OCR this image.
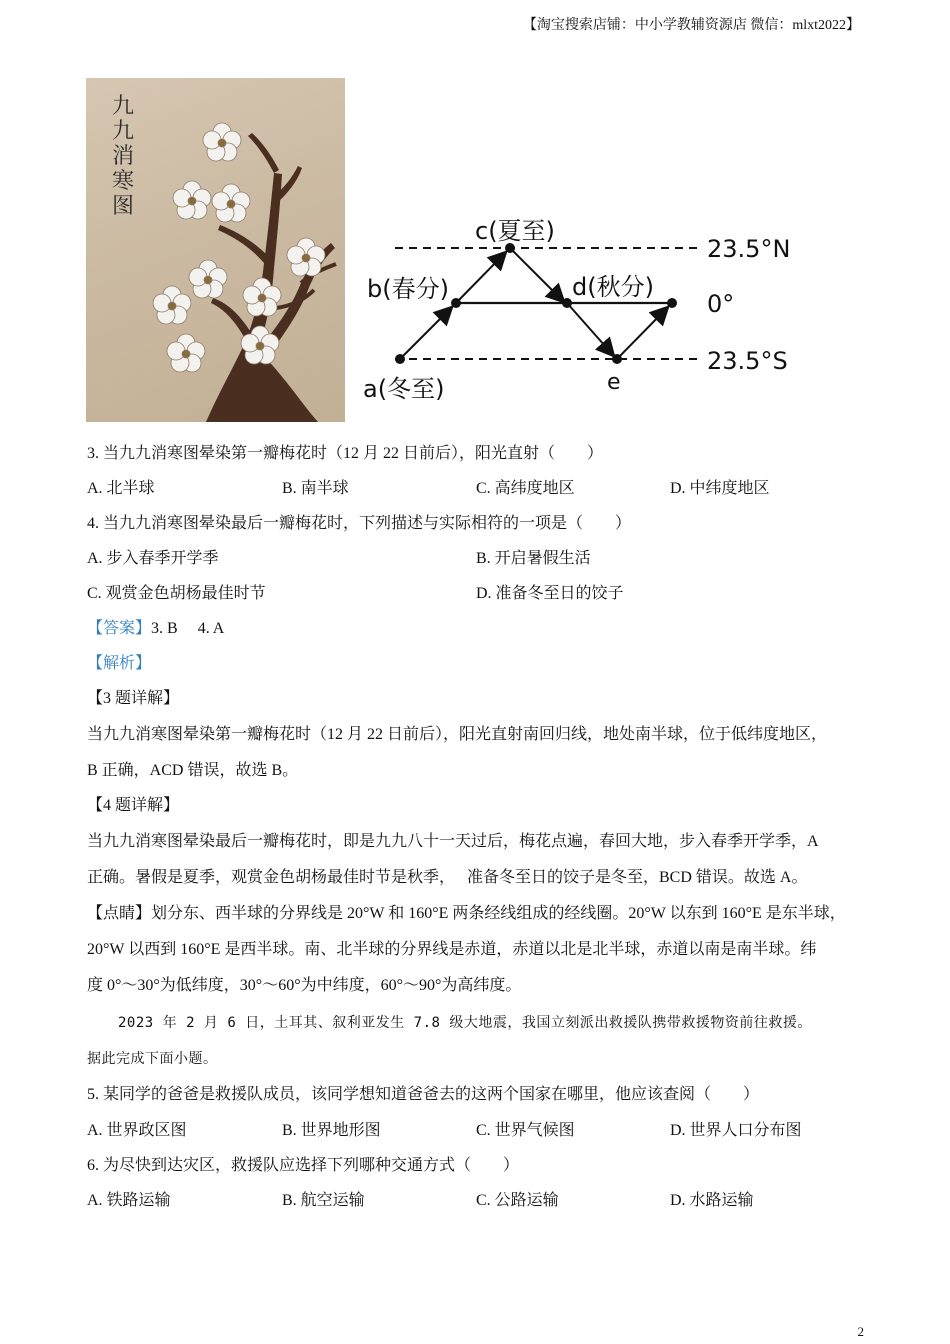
【淘宝搜索店铺：中小学教辅资源店 微信：mlxt2022】
九九消寒图
c(夏至)
b(春分)	d(秋分)
a(冬至)	e
23.5°N
0°
23.5°S
3. 当九九消寒图晕染第一瓣梅花时（12 月 22 日前后），阳光直射（　　）
A. 北半球	B. 南半球	C. 高纬度地区	D. 中纬度地区
4. 当九九消寒图晕染最后一瓣梅花时，下列描述与实际相符的一项是（　　）
A. 步入春季开学季	B. 开启暑假生活
C. 观赏金色胡杨最佳时节	D. 准备冬至日的饺子
【答案】3. B　 4. A
【解析】
【3 题详解】
当九九消寒图晕染第一瓣梅花时（12 月 22 日前后），阳光直射南回归线，地处南半球，位于低纬度地区，
B 正确，ACD 错误，故选 B。
【4 题详解】
当九九消寒图晕染最后一瓣梅花时，即是九九八十一天过后，梅花点遍，春回大地，步入春季开学季，A
正确。暑假是夏季，观赏金色胡杨最佳时节是秋季，　 准备冬至日的饺子是冬至，BCD 错误。故选 A。
【点睛】划分东、西半球的分界线是 20°W 和 160°E 两条经线组成的经线圈。20°W 以东到 160°E 是东半球，
20°W 以西到 160°E 是西半球。南、北半球的分界线是赤道，赤道以北是北半球，赤道以南是南半球。纬
度 0°～30°为低纬度，30°～60°为中纬度，60°～90°为高纬度。
2023 年 2 月 6 日，土耳其、叙利亚发生 7.8 级大地震，我国立刻派出救援队携带救援物资前往救援。
据此完成下面小题。
5. 某同学的爸爸是救援队成员，该同学想知道爸爸去的这两个国家在哪里，他应该查阅（　　）
A. 世界政区图	B. 世界地形图	C. 世界气候图	D. 世界人口分布图
6. 为尽快到达灾区，救援队应选择下列哪种交通方式（　　）
A. 铁路运输	B. 航空运输	C. 公路运输	D. 水路运输
2
